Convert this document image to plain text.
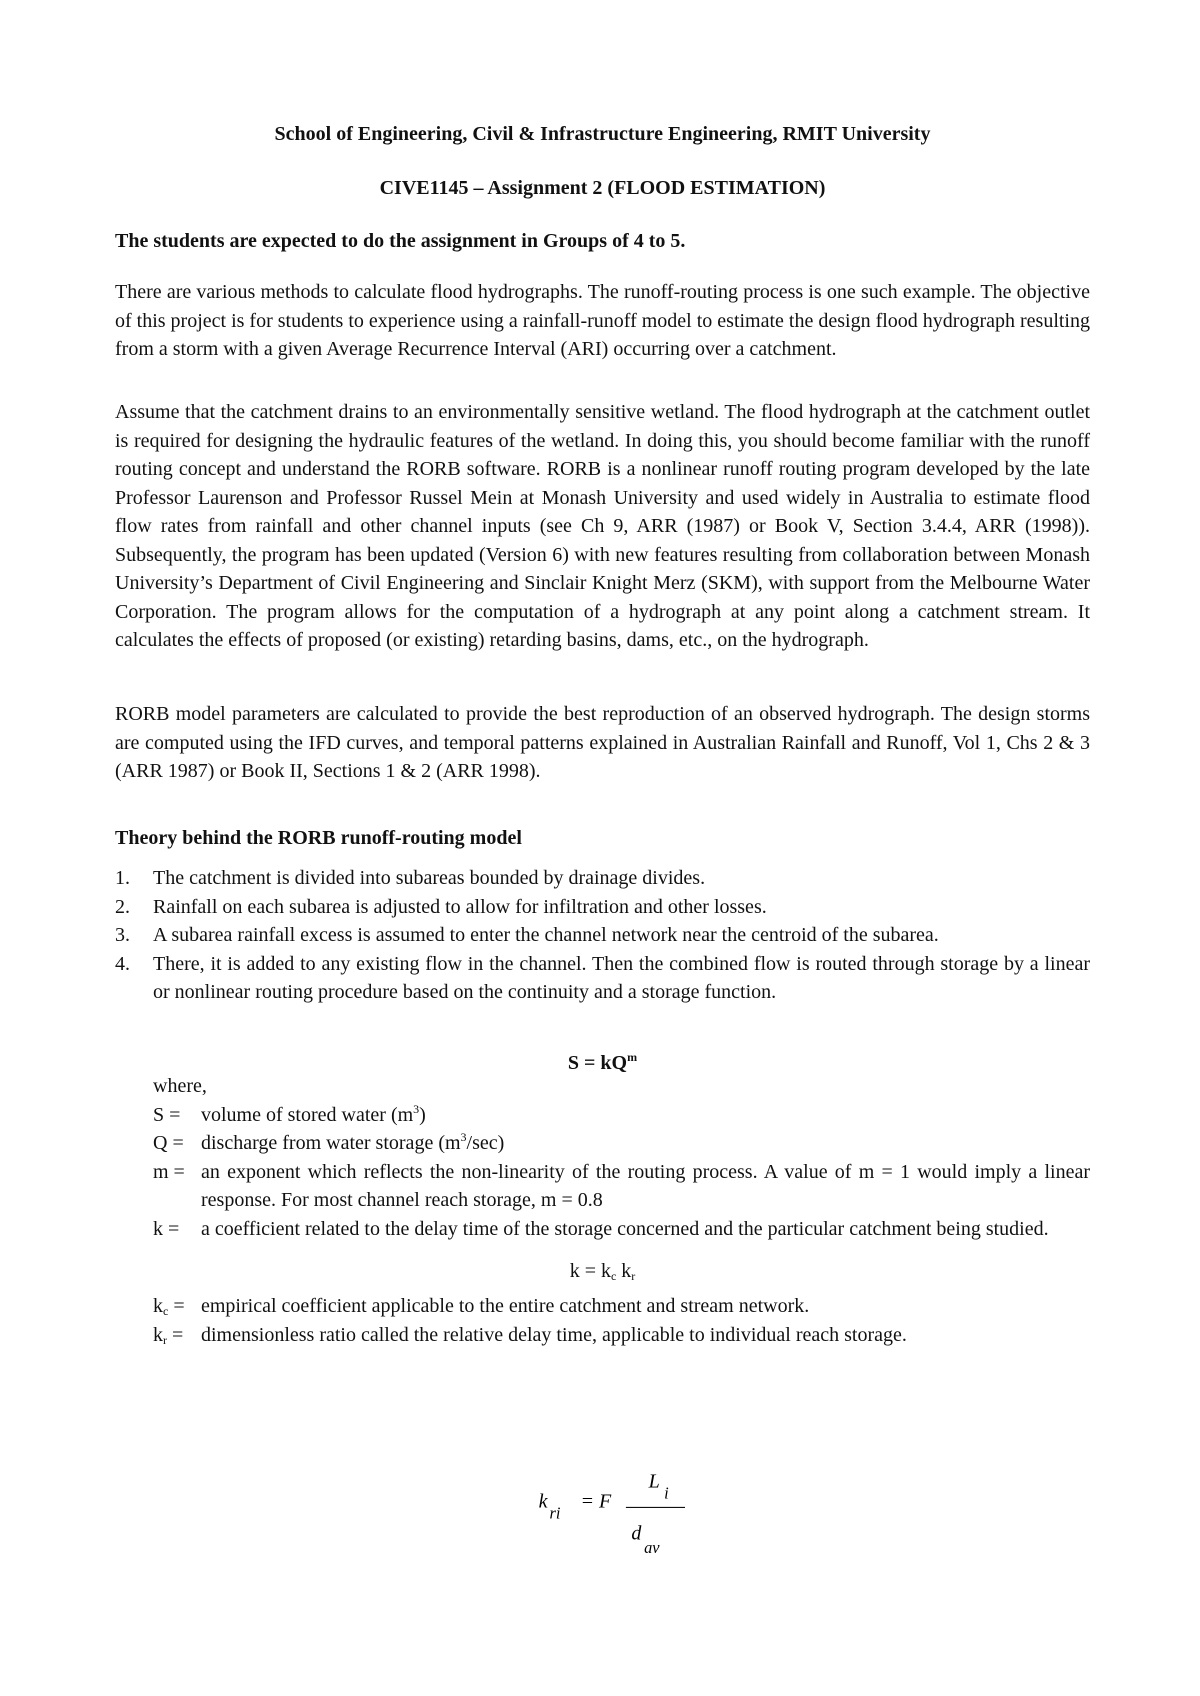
School of Engineering, Civil & Infrastructure Engineering, RMIT University
CIVE1145 – Assignment 2 (FLOOD ESTIMATION)
The students are expected to do the assignment in Groups of 4 to 5.
There are various methods to calculate flood hydrographs. The runoff-routing process is one such example. The objective of this project is for students to experience using a rainfall-runoff model to estimate the design flood hydrograph resulting from a storm with a given Average Recurrence Interval (ARI) occurring over a catchment.
Assume that the catchment drains to an environmentally sensitive wetland. The flood hydrograph at the catchment outlet is required for designing the hydraulic features of the wetland. In doing this, you should become familiar with the runoff routing concept and understand the RORB software. RORB is a nonlinear runoff routing program developed by the late Professor Laurenson and Professor Russel Mein at Monash University and used widely in Australia to estimate flood flow rates from rainfall and other channel inputs (see Ch 9, ARR (1987) or Book V, Section 3.4.4, ARR (1998)). Subsequently, the program has been updated (Version 6) with new features resulting from collaboration between Monash University’s Department of Civil Engineering and Sinclair Knight Merz (SKM), with support from the Melbourne Water Corporation. The program allows for the computation of a hydrograph at any point along a catchment stream. It calculates the effects of proposed (or existing) retarding basins, dams, etc., on the hydrograph.
RORB model parameters are calculated to provide the best reproduction of an observed hydrograph. The design storms are computed using the IFD curves, and temporal patterns explained in Australian Rainfall and Runoff, Vol 1, Chs 2 & 3 (ARR 1987) or Book II, Sections 1 & 2 (ARR 1998).
Theory behind the RORB runoff-routing model
1. The catchment is divided into subareas bounded by drainage divides.
2. Rainfall on each subarea is adjusted to allow for infiltration and other losses.
3. A subarea rainfall excess is assumed to enter the channel network near the centroid of the subarea.
4. There, it is added to any existing flow in the channel. Then the combined flow is routed through storage by a linear or nonlinear routing procedure based on the continuity and a storage function.
$S = kQ^m$
where,
S = volume of stored water $(m^3)$
Q = discharge from water storage $(m^3/\sec)$
m = an exponent which reflects the non-linearity of the routing process. A value of m = 1 would imply a linear response. For most channel reach storage, m = 0.8
k = a coefficient related to the delay time of the storage concerned and the particular catchment being studied.
$k = k_c$ $k_r$
$k_c$ = empirical coefficient applicable to the entire catchment and stream network.
$k_r$ = dimensionless ratio called the relative delay time, applicable to individual reach storage.
k
ri
= F
L
i
d
av
